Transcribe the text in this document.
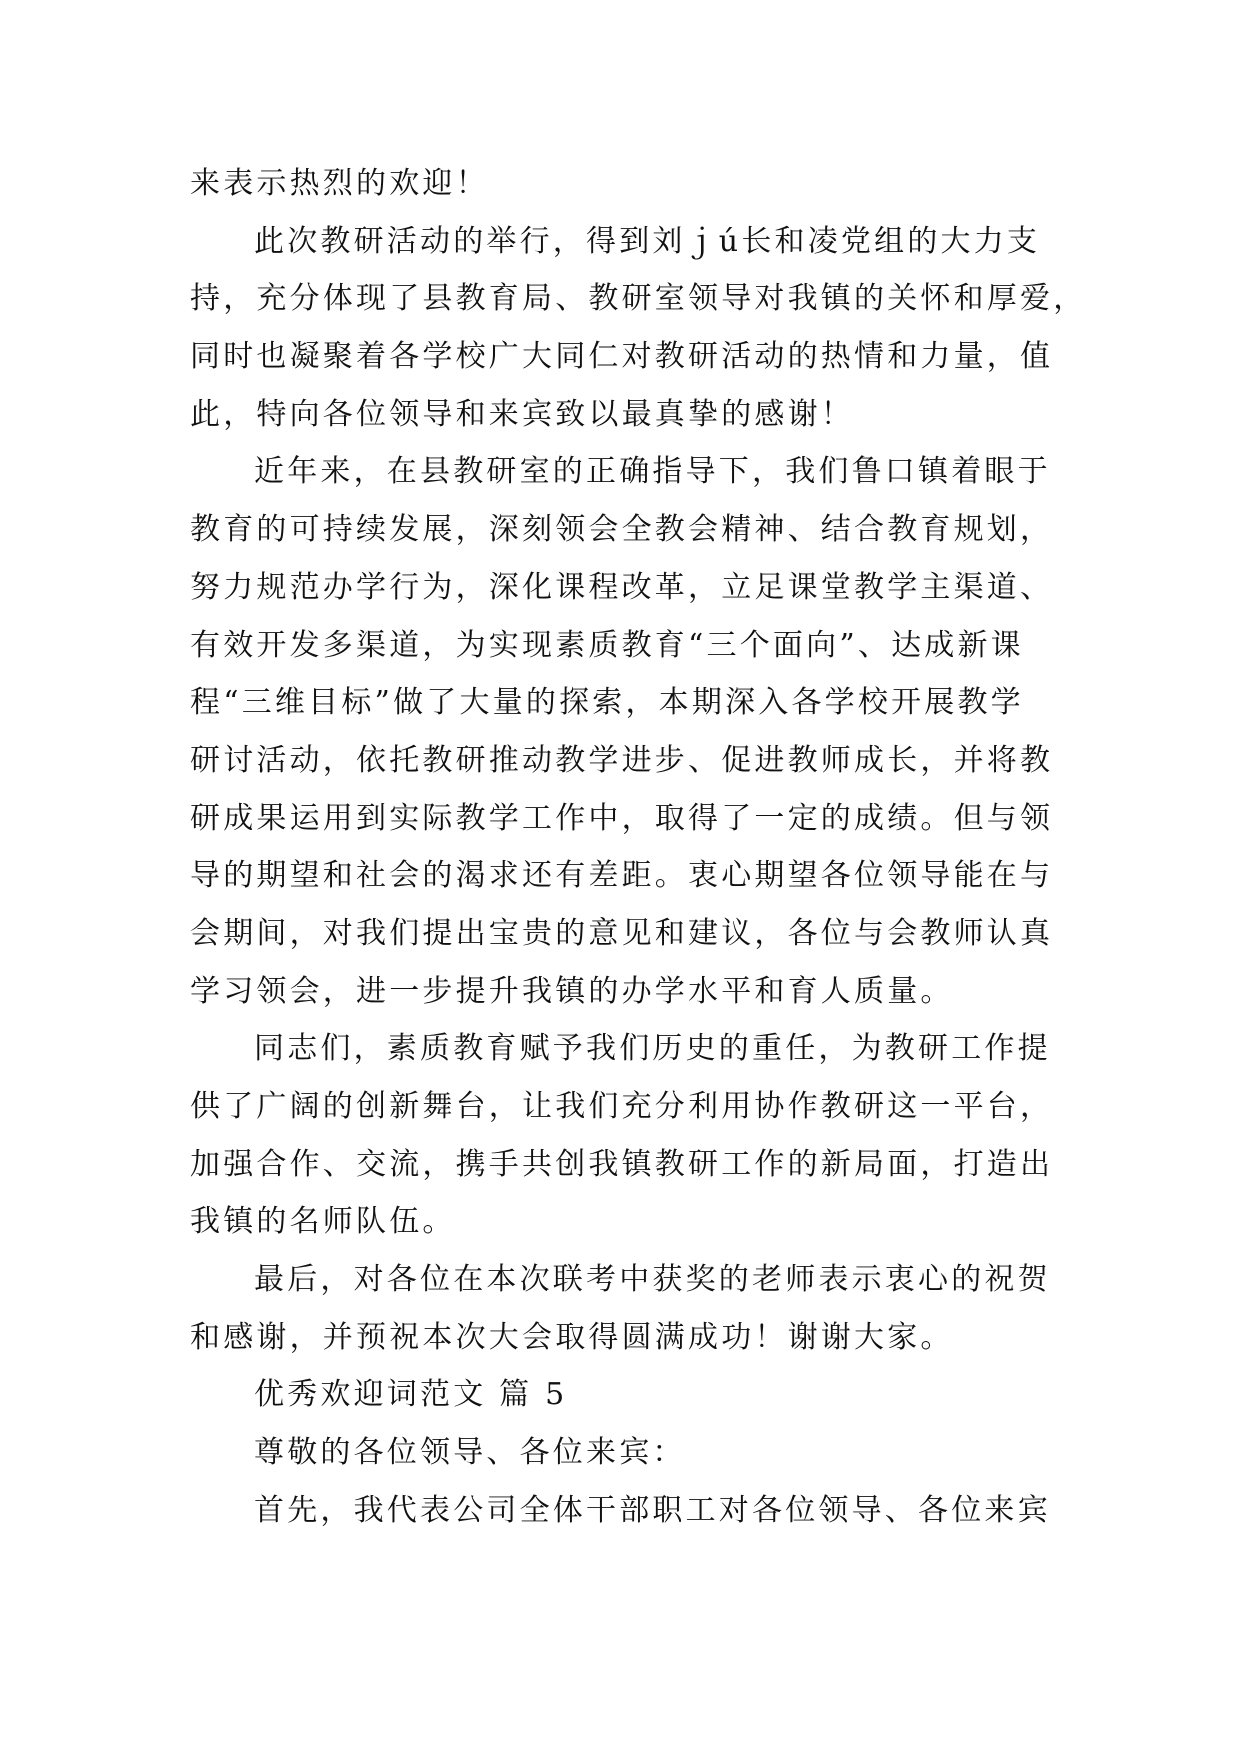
来表示热烈的欢迎！

此次教研活动的举行，得到刘ｊú长和凌党组的大力支

持，充分体现了县教育局、教研室领导对我镇的关怀和厚爱，

同时也凝聚着各学校广大同仁对教研活动的热情和力量，值

此，特向各位领导和来宾致以最真挚的感谢！

近年来，在县教研室的正确指导下，我们鲁口镇着眼于

教育的可持续发展，深刻领会全教会精神、结合教育规划，

努力规范办学行为，深化课程改革，立足课堂教学主渠道、

有效开发多渠道，为实现素质教育“三个面向”、达成新课

程“三维目标”做了大量的探索，本期深入各学校开展教学

研讨活动，依托教研推动教学进步、促进教师成长，并将教

研成果运用到实际教学工作中，取得了一定的成绩。但与领

导的期望和社会的渴求还有差距。衷心期望各位领导能在与

会期间，对我们提出宝贵的意见和建议，各位与会教师认真

学习领会，进一步提升我镇的办学水平和育人质量。

同志们，素质教育赋予我们历史的重任，为教研工作提

供了广阔的创新舞台，让我们充分利用协作教研这一平台，

加强合作、交流，携手共创我镇教研工作的新局面，打造出

我镇的名师队伍。

最后，对各位在本次联考中获奖的老师表示衷心的祝贺

和感谢，并预祝本次大会取得圆满成功！谢谢大家。

优秀欢迎词范文 篇 5

尊敬的各位领导、各位来宾：

首先，我代表公司全体干部职工对各位领导、各位来宾
